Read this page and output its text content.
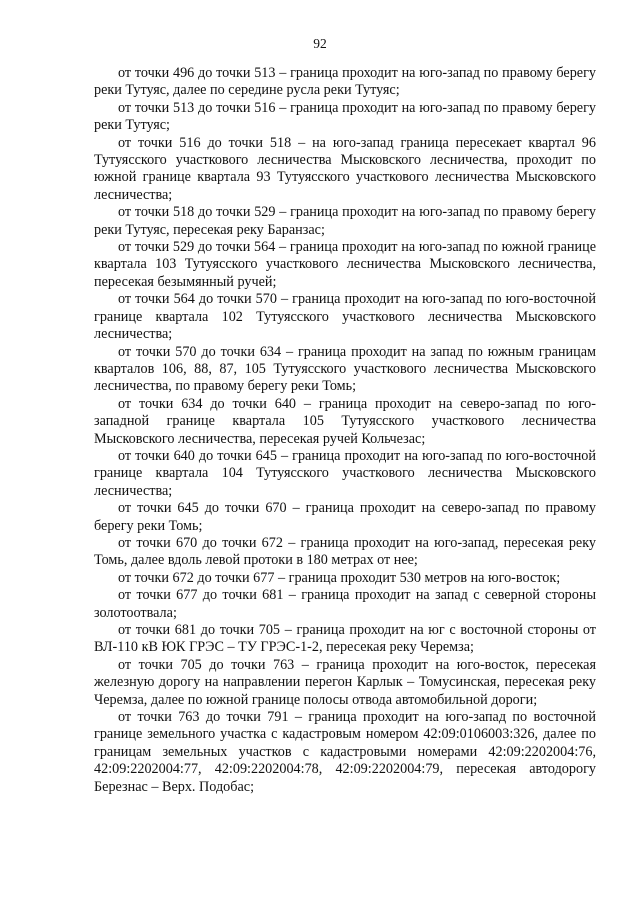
92

от точки 496 до точки 513 – граница проходит на юго-запад по правому берегу реки Тутуяс, далее по середине русла реки Тутуяс;

от точки 513 до точки 516 – граница проходит на юго-запад по правому берегу реки Тутуяс;

от точки 516 до точки 518 – на юго-запад граница пересекает квартал 96 Тутуясского участкового лесничества Мысковского лесничества, проходит по южной границе квартала 93 Тутуясского участкового лесничества Мысковского лесничества;

от точки 518 до точки 529 – граница проходит на юго-запад по правому берегу реки Тутуяс, пересекая реку Баранзас;

от точки 529 до точки 564 – граница проходит на юго-запад по южной границе квартала 103 Тутуясского участкового лесничества Мысковского лесничества, пересекая безымянный ручей;

от точки 564 до точки 570 – граница проходит на юго-запад по юго-восточной границе квартала 102 Тутуясского участкового лесничества Мысковского лесничества;

от точки 570 до точки 634 – граница проходит на запад по южным границам кварталов 106, 88, 87, 105 Тутуясского участкового лесничества Мысковского лесничества, по правому берегу реки Томь;

от точки 634 до точки 640 – граница проходит на северо-запад по юго-западной границе квартала 105 Тутуясского участкового лесничества Мысковского лесничества, пересекая ручей Кольчезас;

от точки 640 до точки 645 – граница проходит на юго-запад по юго-восточной границе квартала 104 Тутуясского участкового лесничества Мысковского лесничества;

от точки 645 до точки 670 – граница проходит на северо-запад по правому берегу реки Томь;

от точки 670 до точки 672 – граница проходит на юго-запад, пересекая реку Томь, далее вдоль левой протоки в 180 метрах от нее;

от точки 672 до точки 677 – граница проходит 530 метров на юго-восток;

от точки 677 до точки 681 – граница проходит на запад с северной стороны золотоотвала;

от точки 681 до точки 705 – граница проходит на юг с восточной стороны от ВЛ-110 кВ ЮК ГРЭС – ТУ ГРЭС-1-2, пересекая реку Черемза;

от точки 705 до точки 763 – граница проходит на юго-восток, пересекая железную дорогу на направлении перегон Карлык – Томусинская, пересекая реку Черемза, далее по южной границе полосы отвода автомобильной дороги;

от точки 763 до точки 791 – граница проходит на юго-запад по восточной границе земельного участка с кадастровым номером 42:09:0106003:326, далее по границам земельных участков с кадастровыми номерами 42:09:2202004:76, 42:09:2202004:77, 42:09:2202004:78, 42:09:2202004:79, пересекая автодорогу Березнас – Верх. Подобас;
